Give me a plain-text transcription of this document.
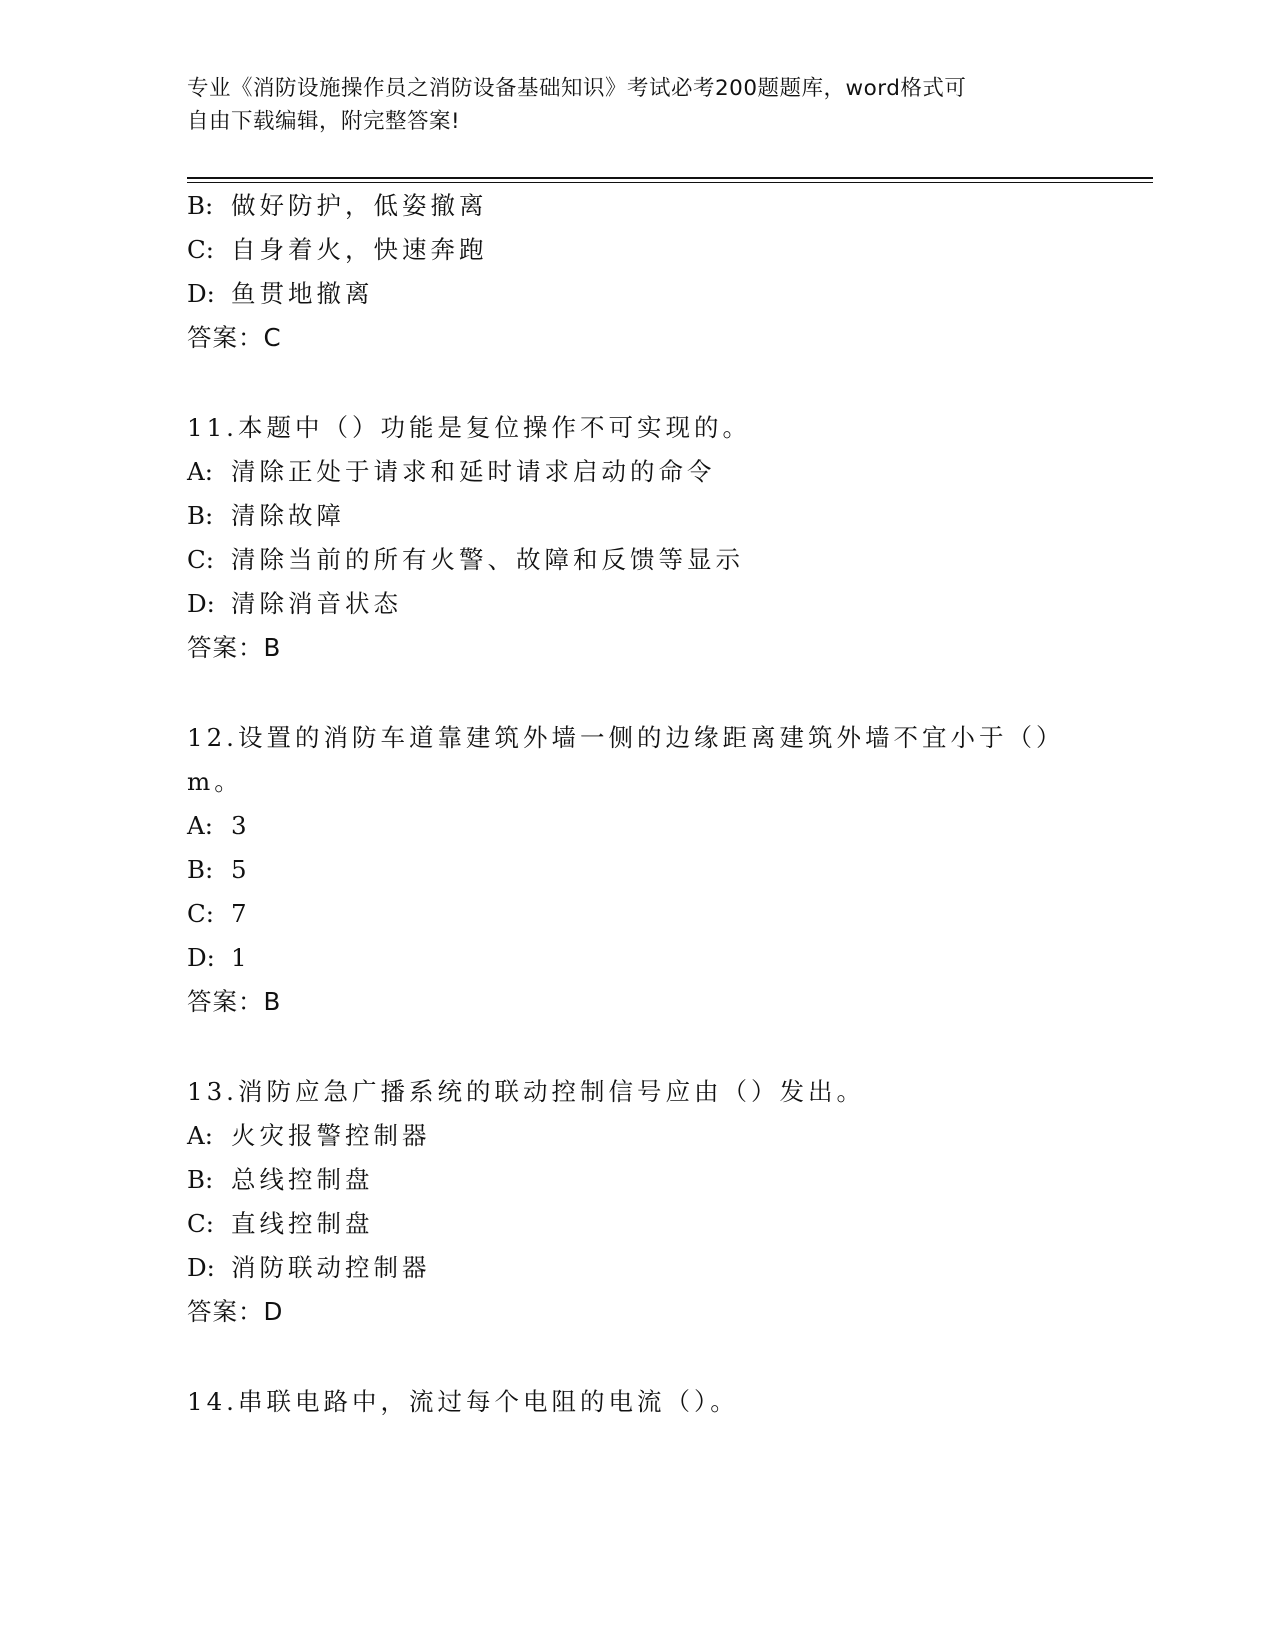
专业《消防设施操作员之消防设备基础知识》考试必考200题题库，word格式可
自由下载编辑，附完整答案!
B: 做好防护，低姿撤离
C: 自身着火，快速奔跑
D: 鱼贯地撤离
答案：C
11.本题中（）功能是复位操作不可实现的。
A: 清除正处于请求和延时请求启动的命令
B: 清除故障
C: 清除当前的所有火警、故障和反馈等显示
D: 清除消音状态
答案：B
12.设置的消防车道靠建筑外墙一侧的边缘距离建筑外墙不宜小于（）
m。
A: 3
B: 5
C: 7
D: 1
答案：B
13.消防应急广播系统的联动控制信号应由（）发出。
A: 火灾报警控制器
B: 总线控制盘
C: 直线控制盘
D: 消防联动控制器
答案：D
14.串联电路中，流过每个电阻的电流（）。
